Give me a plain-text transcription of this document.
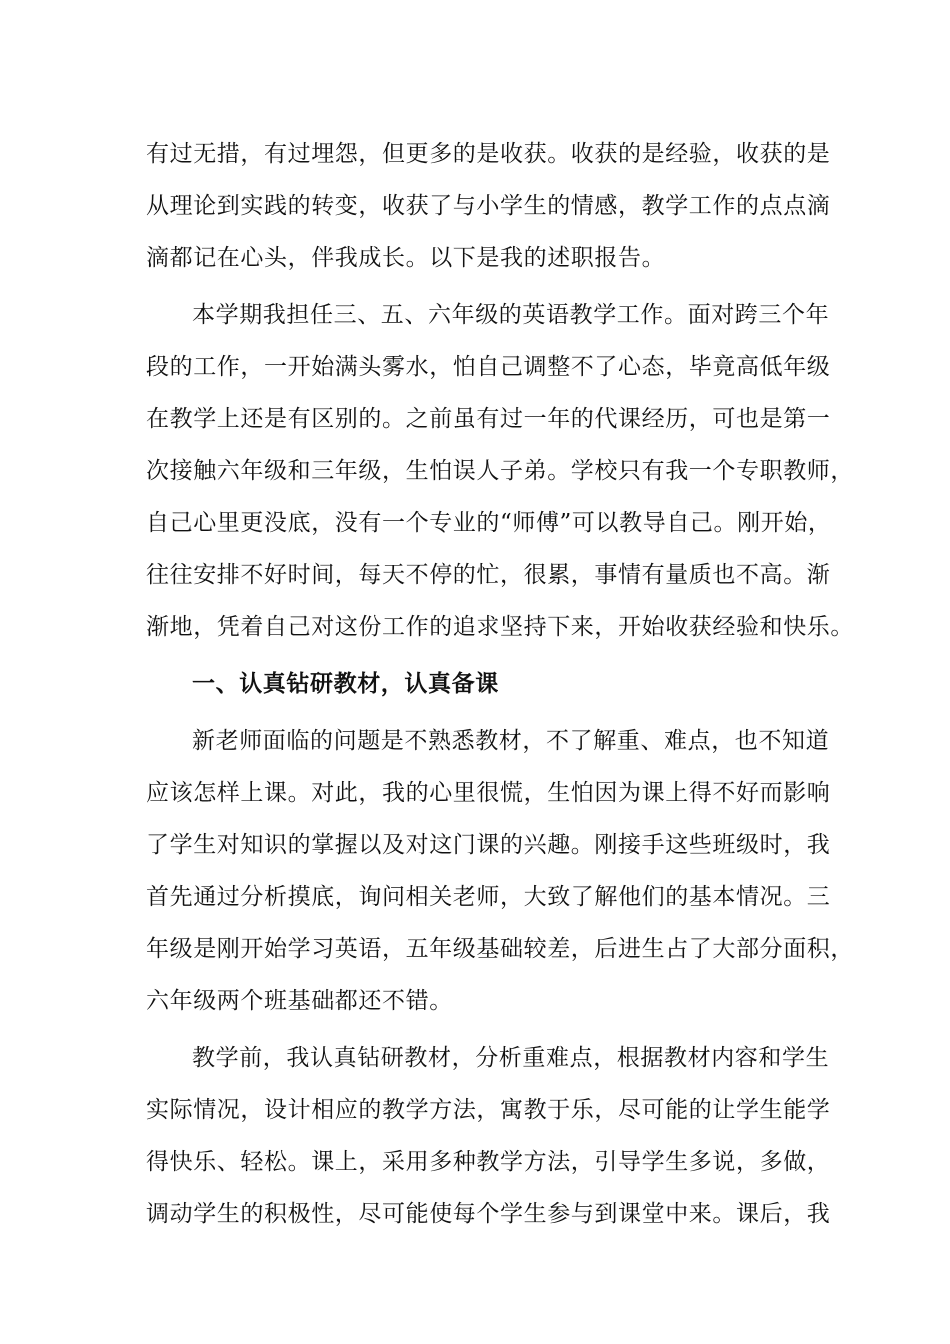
有过无措，有过埋怨，但更多的是收获。收获的是经验，收获的是
从理论到实践的转变，收获了与小学生的情感，教学工作的点点滴
滴都记在心头，伴我成长。以下是我的述职报告。
本学期我担任三、五、六年级的英语教学工作。面对跨三个年
段的工作，一开始满头雾水，怕自己调整不了心态，毕竟高低年级
在教学上还是有区别的。之前虽有过一年的代课经历，可也是第一
次接触六年级和三年级，生怕误人子弟。学校只有我一个专职教师，
自己心里更没底，没有一个专业的“师傅”可以教导自己。刚开始，
往往安排不好时间，每天不停的忙，很累，事情有量质也不高。渐
渐地，凭着自己对这份工作的追求坚持下来，开始收获经验和快乐。
一、认真钻研教材，认真备课
新老师面临的问题是不熟悉教材，不了解重、难点，也不知道
应该怎样上课。对此，我的心里很慌，生怕因为课上得不好而影响
了学生对知识的掌握以及对这门课的兴趣。刚接手这些班级时，我
首先通过分析摸底，询问相关老师，大致了解他们的基本情况。三
年级是刚开始学习英语，五年级基础较差，后进生占了大部分面积，
六年级两个班基础都还不错。
教学前，我认真钻研教材，分析重难点，根据教材内容和学生
实际情况，设计相应的教学方法，寓教于乐，尽可能的让学生能学
得快乐、轻松。课上，采用多种教学方法，引导学生多说，多做，
调动学生的积极性，尽可能使每个学生参与到课堂中来。课后，我
